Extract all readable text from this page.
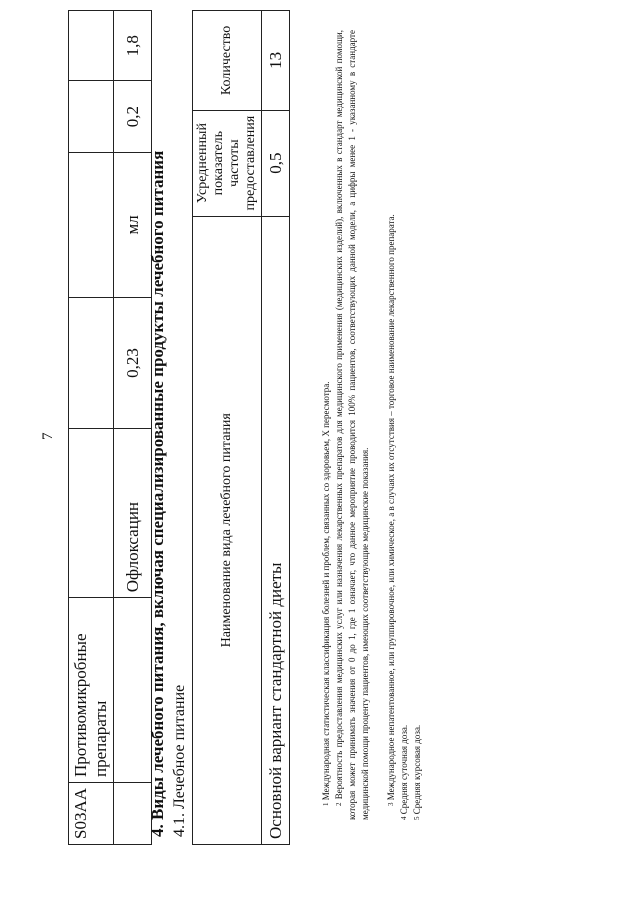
7
S03AA	Противомикробные препараты					
		Офлоксацин	0,23	мл	0,2	1,8
4. Виды лечебного питания, включая специализированные продукты лечебного питания 4.1. Лечебное питание
Наименование вида лечебного питания	Усредненный показатель частоты предоставления	Количество
Основной вариант стандартной диеты	0,5	13
$^1$ Международная статистическая классификация болезней и проблем, связанных со здоровьем, X пересмотра.
$^2$ Вероятность предоставления медицинских услуг или назначения лекарственных препаратов для медицинского применения (медицинских изделий), включенных в стандарт медицинской помощи, которая может принимать значения от 0 до 1, где 1 означает, что данное мероприятие проводится 100% пациентов, соответствующих данной модели, а цифры менее 1 - указанному в стандарте медицинской помощи проценту пациентов, имеющих соответствующие медицинские показания. $^3$ Международное непатентованное, или группировочное, или химическое, а в случаях их отсутствия – торговое наименование лекарственного препарата.
$^4$ Средняя суточная доза.
$^5$ Средняя курсовая доза.
